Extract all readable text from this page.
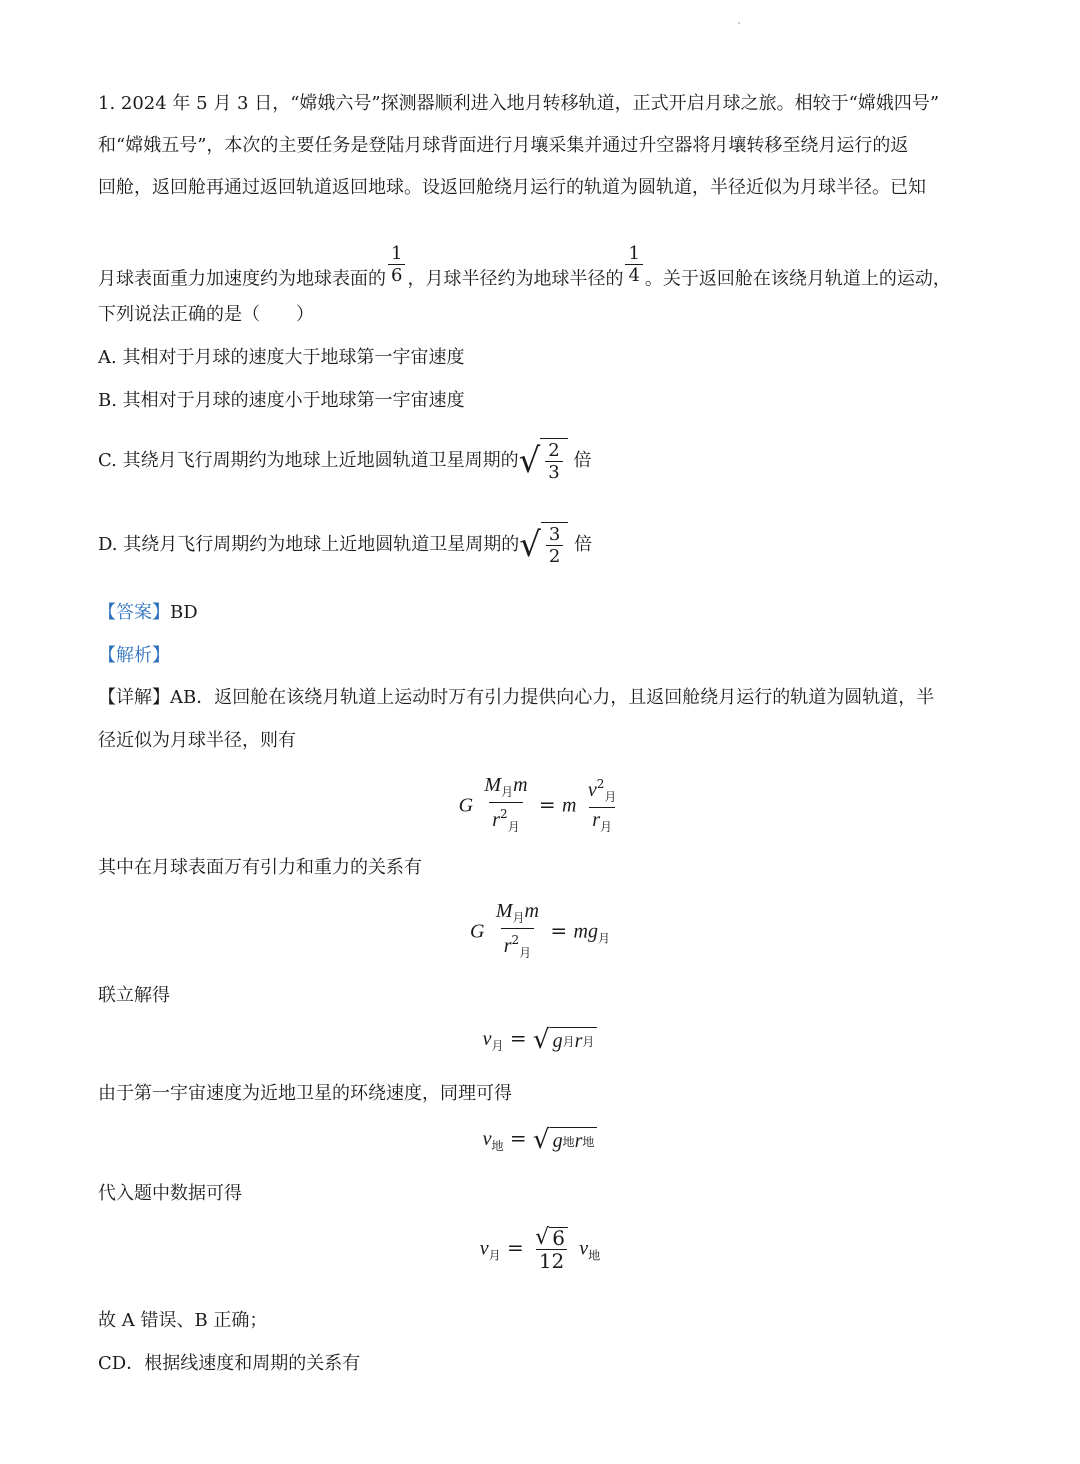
1. 2024 年 5 月 3 日，“嫦娥六号”探测器顺利进入地月转移轨道，正式开启月球之旅。相较于“嫦娥四号”
和“嫦娥五号”，本次的主要任务是登陆月球背面进行月壤采集并通过升空器将月壤转移至绕月运行的返
回舱，返回舱再通过返回轨道返回地球。设返回舱绕月运行的轨道为圆轨道，半径近似为月球半径。已知
月球表面重力加速度约为地球表面的 $\frac{1}{6}$ ，月球半径约为地球半径的 $\frac{1}{4}$ 。关于返回舱在该绕月轨道上的运动，
下列说法正确的是（　　）
A. 其相对于月球的速度大于地球第一宇宙速度
B. 其相对于月球的速度小于地球第一宇宙速度
C. 其绕月飞行周期约为地球上近地圆轨道卫星周期的 √ $\frac{2}{3}$ 倍
D. 其绕月飞行周期约为地球上近地圆轨道卫星周期的 √ $\frac{3}{2}$ 倍
【答案】BD
【解析】
【详解】AB．返回舱在该绕月轨道上运动时万有引力提供向心力，且返回舱绕月运行的轨道为圆轨道，半
径近似为月球半径，则有
G $\frac{M_月m}{r^2_月} = m \frac{v^2_月}{r_月}$
其中在月球表面万有引力和重力的关系有
G $\frac{M_月m}{r^2_月} = mg_月$
联立解得
$v_月$ = √ g 月 r 月
由于第一宇宙速度为近地卫星的环绕速度，同理可得
$v_地$ = √ g 地 r 地
代入题中数据可得
$v_月 = \frac{√ 6}{12} v_地$
故 A 错误、B 正确；
CD．根据线速度和周期的关系有
